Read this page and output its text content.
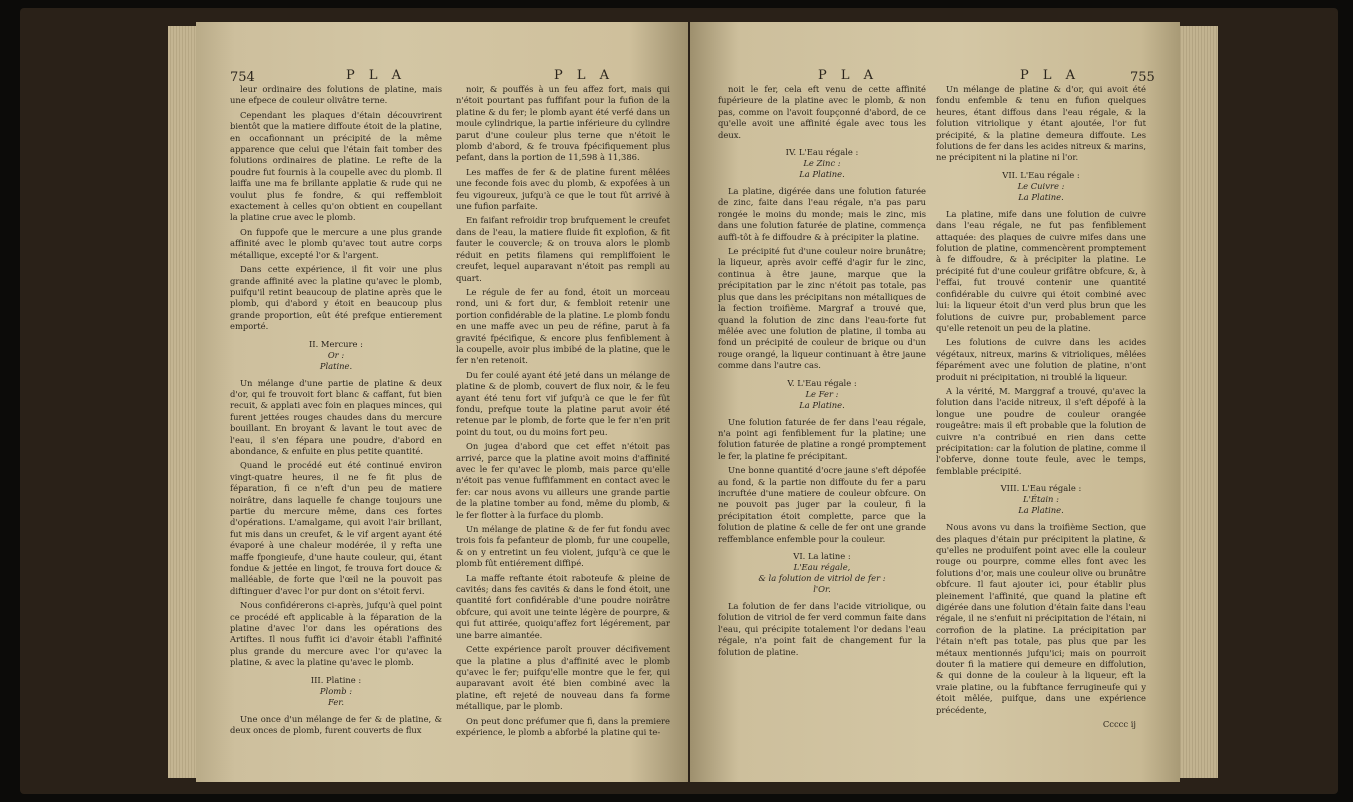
754	P L A	P L A

leur ordinaire des folutions de platine, mais une efpece de couleur olivâtre terne.

Cependant les plaques d'étain découvrirent bientôt que la matiere diffoute étoit de la platine, en occafionnant un précipité de la même apparence que celui que l'étain fait tomber des folutions ordinaires de platine. Le refte de la poudre fut fournis à la coupelle avec du plomb. Il laiffa une ma fe brillante applatie & rude qui ne voulut plus fe fondre, & qui reffembloit exactement à celles qu'on obtient en coupellant la platine crue avec le plomb.

On fuppofe que le mercure a une plus grande affinité avec le plomb qu'avec tout autre corps métallique, excepté l'or & l'argent.

Dans cette expérience, il fit voir une plus grande affinité avec la platine qu'avec le plomb, puifqu'il retint beaucoup de platine après que le plomb, qui d'abord y étoit en beaucoup plus grande proportion, eût été prefque entierement emporté.

II. Mercure :
Or :
Platine.

Un mélange d'une partie de platine & deux d'or, qui fe trouvoit fort blanc & caffant, fut bien recuit, & applati avec foin en plaques minces, qui furent jettées rouges chaudes dans du mercure bouillant. En broyant & lavant le tout avec de l'eau, il s'en fépara une poudre, d'abord en abondance, & enfuite en plus petite quantité.

Quand le procédé eut été continué environ vingt-quatre heures, il ne fe fit plus de féparation, fi ce n'eft d'un peu de matiere noirâtre, dans laquelle fe change toujours une partie du mercure même, dans ces fortes d'opérations. L'amalgame, qui avoit l'air brillant, fut mis dans un creufet, & le vif argent ayant été évaporé à une chaleur modérée, il y refta une maffe fpongieufe, d'une haute couleur, qui, étant fondue & jettée en lingot, fe trouva fort douce & malléable, de forte que l'œil ne la pouvoit pas diftinguer d'avec l'or pur dont on s'étoit fervi.

Nous confidérerons ci-après, jufqu'à quel point ce procédé eft applicable à la féparation de la platine d'avec l'or dans les opérations des Artiftes. Il nous fuffit ici d'avoir établi l'affinité plus grande du mercure avec l'or qu'avec la platine, & avec la platine qu'avec le plomb.

III. Platine :
Plomb :
Fer.

Une once d'un mélange de fer & de platine, & deux onces de plomb, furent couverts de flux

noir, & pouffés à un feu affez fort, mais qui n'étoit pourtant pas fuffifant pour la fufion de la platine & du fer; le plomb ayant été verfé dans un moule cylindrique, la partie inférieure du cylindre parut d'une couleur plus terne que n'étoit le plomb d'abord, & fe trouva fpécifiquement plus pefant, dans la portion de 11,598 à 11,386.

Les maffes de fer & de platine furent mêlées une feconde fois avec du plomb, & expofées à un feu vigoureux, jufqu'à ce que le tout fût arrivé à une fufion parfaite.

En faifant refroidir trop brufquement le creufet dans de l'eau, la matiere fluide fit explofion, & fit fauter le couvercle; & on trouva alors le plomb réduit en petits filamens qui rempliffoient le creufet, lequel auparavant n'étoit pas rempli au quart.

Le régule de fer au fond, étoit un morceau rond, uni & fort dur, & fembloit retenir une portion confidérable de la platine. Le plomb fondu en une maffe avec un peu de réfine, parut à fa gravité fpécifique, & encore plus fenfiblement à la coupelle, avoir plus imbibé de la platine, que le fer n'en retenoit.

Du fer coulé ayant été jeté dans un mélange de platine & de plomb, couvert de flux noir, & le feu ayant été tenu fort vif jufqu'à ce que le fer fût fondu, prefque toute la platine parut avoir été retenue par le plomb, de forte que le fer n'en prit point du tout, ou du moins fort peu.

On jugea d'abord que cet effet n'étoit pas arrivé, parce que la platine avoit moins d'affinité avec le fer qu'avec le plomb, mais parce qu'elle n'étoit pas venue fuffifamment en contact avec le fer: car nous avons vu ailleurs une grande partie de la platine tomber au fond, même du plomb, & le fer flotter à la furface du plomb.

Un mélange de platine & de fer fut fondu avec trois fois fa pefanteur de plomb, fur une coupelle, & on y entretint un feu violent, jufqu'à ce que le plomb fût entiérement diffipé.

La maffe reftante étoit raboteufe & pleine de cavités; dans fes cavités & dans le fond étoit, une quantité fort confidérable d'une poudre noirâtre obfcure, qui avoit une teinte légère de pourpre, & qui fut attirée, quoiqu'affez fort légérement, par une barre aimantée.

Cette expérience paroît prouver décifivement que la platine a plus d'affinité avec le plomb qu'avec le fer; puifqu'elle montre que le fer, qui auparavant avoit été bien combiné avec la platine, eft rejeté de nouveau dans fa forme métallique, par le plomb.

On peut donc préfumer que fi, dans la premiere expérience, le plomb a abforbé la platine qui te-

P L A	P L A	755

noit le fer, cela eft venu de cette affinité fupérieure de la platine avec le plomb, & non pas, comme on l'avoit foupçonné d'abord, de ce qu'elle avoit une affinité égale avec tous les deux.

IV. L'Eau régale :
Le Zinc :
La Platine.

La platine, digérée dans une folution faturée de zinc, faite dans l'eau régale, n'a pas paru rongée le moins du monde; mais le zinc, mis dans une folution faturée de platine, commença auffi-tôt à fe diffoudre & à précipiter la platine.

Le précipité fut d'une couleur noire brunâtre; la liqueur, après avoir ceffé d'agir fur le zinc, continua à être jaune, marque que la précipitation par le zinc n'étoit pas totale, pas plus que dans les précipitans non métalliques de la fection troifième. Margraf a trouvé que, quand la folution de zinc dans l'eau-forte fut mêlée avec une folution de platine, il tomba au fond un précipité de couleur de brique ou d'un rouge orangé, la liqueur continuant à être jaune comme dans l'autre cas.

V. L'Eau régale :
Le Fer :
La Platine.

Une folution faturée de fer dans l'eau régale, n'a point agi fenfiblement fur la platine; une folution faturée de platine a rongé promptement le fer, la platine fe précipitant.

Une bonne quantité d'ocre jaune s'eft dépofée au fond, & la partie non diffoute du fer a paru incruftée d'une matiere de couleur obfcure. On ne pouvoit pas juger par la couleur, fi la précipitation étoit complette, parce que la folution de platine & celle de fer ont une grande reffemblance enfemble pour la couleur.

VI. La latine :
L'Eau régale,
& la folution de vitriol de fer :
l'Or.

La folution de fer dans l'acide vitriolique, ou folution de vitriol de fer verd commun faite dans l'eau, qui précipite totalement l'or dedans l'eau régale, n'a point fait de changement fur la folution de platine.

Un mélange de platine & d'or, qui avoit été fondu enfemble & tenu en fufion quelques heures, étant diffous dans l'eau régale, & la folution vitriolique y étant ajoutée, l'or fut précipité, & la platine demeura diffoute. Les folutions de fer dans les acides nitreux & marins, ne précipitent ni la platine ni l'or.

VII. L'Eau régale :
Le Cuivre :
La Platine.

La platine, mife dans une folution de cuivre dans l'eau régale, ne fut pas fenfiblement attaquée: des plaques de cuivre mifes dans une folution de platine, commencèrent promptement à fe diffoudre, & à précipiter la platine. Le précipité fut d'une couleur grifâtre obfcure, &, à l'effai, fut trouvé contenir une quantité confidérable du cuivre qui étoit combiné avec lui: la liqueur étoit d'un verd plus brun que les folutions de cuivre pur, probablement parce qu'elle retenoit un peu de la platine.

Les folutions de cuivre dans les acides végétaux, nitreux, marins & vitrioliques, mêlées féparément avec une folution de platine, n'ont produit ni précipitation, ni troublé la liqueur.

A la vérité, M. Marggraf a trouvé, qu'avec la folution dans l'acide nitreux, il s'eft dépofé à la longue une poudre de couleur orangée rougeâtre: mais il eft probable que la folution de cuivre n'a contribué en rien dans cette précipitation: car la folution de platine, comme il l'obferve, donne toute feule, avec le temps, femblable précipité.

VIII. L'Eau régale :
L'Étain :
La Platine.

Nous avons vu dans la troifième Section, que des plaques d'étain pur précipitent la platine, & qu'elles ne produifent point avec elle la couleur rouge ou pourpre, comme elles font avec les folutions d'or, mais une couleur olive ou brunâtre obfcure. Il faut ajouter ici, pour établir plus pleinement l'affinité, que quand la platine eft digérée dans une folution d'étain faite dans l'eau régale, il ne s'enfuit ni précipitation de l'étain, ni corrofion de la platine. La précipitation par l'étain n'eft pas totale, pas plus que par les métaux mentionnés jufqu'ici; mais on pourroit douter fi la matiere qui demeure en diffolution, & qui donne de la couleur à la liqueur, eft la vraie platine, ou la fubftance ferrugineufe qui y étoit mêlée, puifque, dans une expérience précédente,

Ccccc ij
